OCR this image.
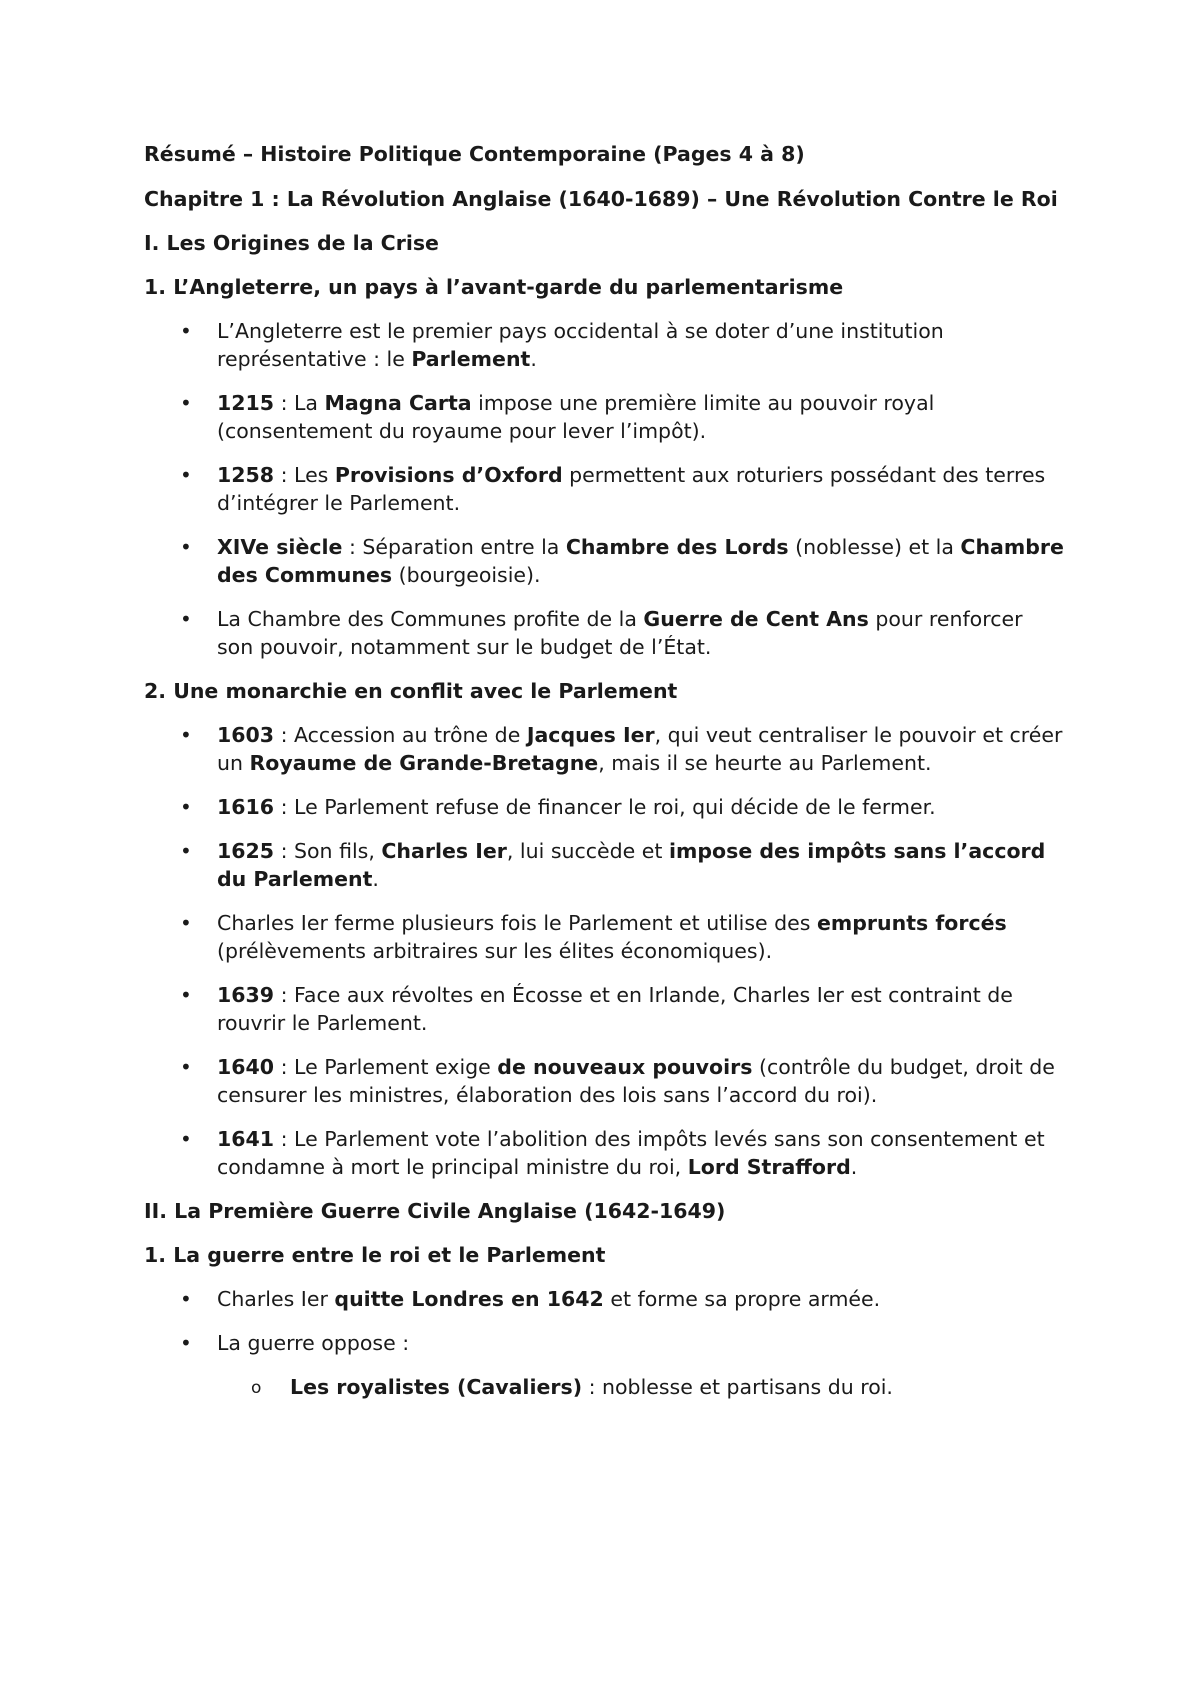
Résumé – Histoire Politique Contemporaine (Pages 4 à 8)

Chapitre 1 : La Révolution Anglaise (1640-1689) – Une Révolution Contre le Roi

I. Les Origines de la Crise

1. L’Angleterre, un pays à l’avant-garde du parlementarisme

• L’Angleterre est le premier pays occidental à se doter d’une institution représentative : le Parlement.
• 1215 : La Magna Carta impose une première limite au pouvoir royal (consentement du royaume pour lever l’impôt).
• 1258 : Les Provisions d’Oxford permettent aux roturiers possédant des terres d’intégrer le Parlement.
• XIVe siècle : Séparation entre la Chambre des Lords (noblesse) et la Chambre des Communes (bourgeoisie).
• La Chambre des Communes profite de la Guerre de Cent Ans pour renforcer son pouvoir, notamment sur le budget de l’État.

2. Une monarchie en conflit avec le Parlement

• 1603 : Accession au trône de Jacques Ier, qui veut centraliser le pouvoir et créer un Royaume de Grande-Bretagne, mais il se heurte au Parlement.
• 1616 : Le Parlement refuse de financer le roi, qui décide de le fermer.
• 1625 : Son fils, Charles Ier, lui succède et impose des impôts sans l’accord du Parlement.
• Charles Ier ferme plusieurs fois le Parlement et utilise des emprunts forcés (prélèvements arbitraires sur les élites économiques).
• 1639 : Face aux révoltes en Écosse et en Irlande, Charles Ier est contraint de rouvrir le Parlement.
• 1640 : Le Parlement exige de nouveaux pouvoirs (contrôle du budget, droit de censurer les ministres, élaboration des lois sans l’accord du roi).
• 1641 : Le Parlement vote l’abolition des impôts levés sans son consentement et condamne à mort le principal ministre du roi, Lord Strafford.

II. La Première Guerre Civile Anglaise (1642-1649)

1. La guerre entre le roi et le Parlement

• Charles Ier quitte Londres en 1642 et forme sa propre armée.
• La guerre oppose :
o Les royalistes (Cavaliers) : noblesse et partisans du roi.
